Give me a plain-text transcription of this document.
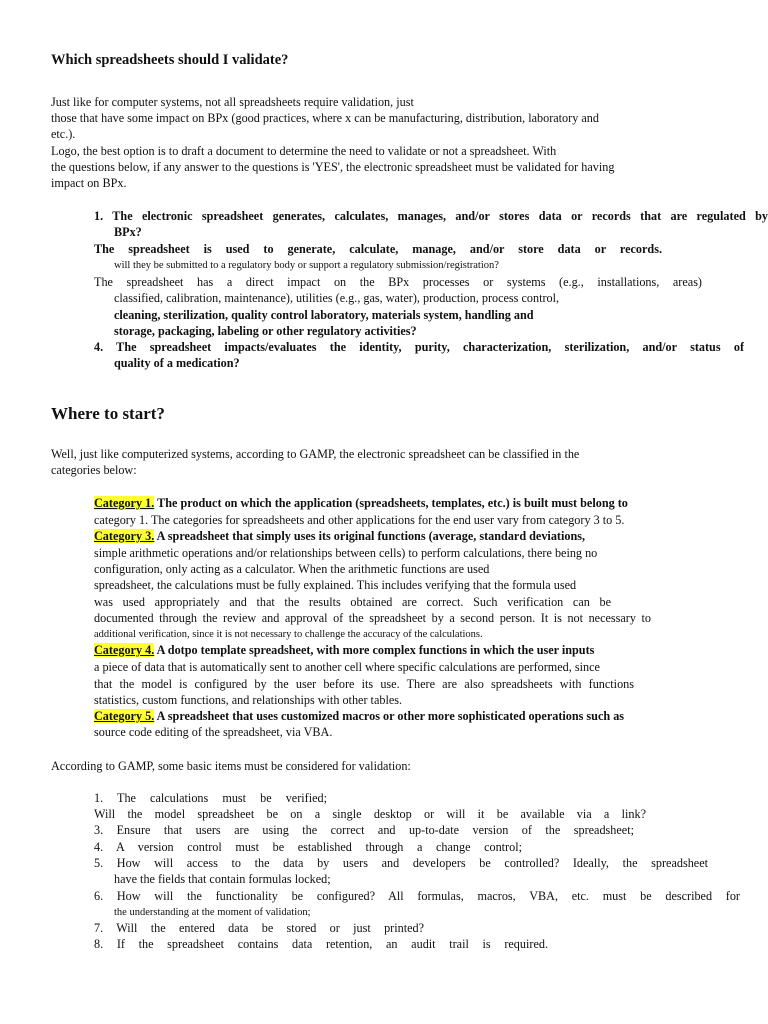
Which spreadsheets should I validate?
Just like for computer systems, not all spreadsheets require validation, just
those that have some impact on BPx (good practices, where x can be manufacturing, distribution, laboratory and
etc.).
Logo, the best option is to draft a document to determine the need to validate or not a spreadsheet. With
the questions below, if any answer to the questions is 'YES', the electronic spreadsheet must be validated for having
impact on BPx.
1. The electronic spreadsheet generates, calculates, manages, and/or stores data or records that are regulated by
BPx?
The spreadsheet is used to generate, calculate, manage, and/or store data or records.
will they be submitted to a regulatory body or support a regulatory submission/registration?
The spreadsheet has a direct impact on the BPx processes or systems (e.g., installations, areas)
classified, calibration, maintenance), utilities (e.g., gas, water), production, process control,
cleaning, sterilization, quality control laboratory, materials system, handling and
storage, packaging, labeling or other regulatory activities?
4. The spreadsheet impacts/evaluates the identity, purity, characterization, sterilization, and/or status of
quality of a medication?
Where to start?
Well, just like computerized systems, according to GAMP, the electronic spreadsheet can be classified in the
categories below:
Category 1. The product on which the application (spreadsheets, templates, etc.) is built must belong to
category 1. The categories for spreadsheets and other applications for the end user vary from category 3 to 5.
Category 3. A spreadsheet that simply uses its original functions (average, standard deviations,
simple arithmetic operations and/or relationships between cells) to perform calculations, there being no
configuration, only acting as a calculator. When the arithmetic functions are used
spreadsheet, the calculations must be fully explained. This includes verifying that the formula used
was used appropriately and that the results obtained are correct. Such verification can be
documented through the review and approval of the spreadsheet by a second person. It is not necessary to
additional verification, since it is not necessary to challenge the accuracy of the calculations.
Category 4. A dotpo template spreadsheet, with more complex functions in which the user inputs
a piece of data that is automatically sent to another cell where specific calculations are performed, since
that the model is configured by the user before its use. There are also spreadsheets with functions
statistics, custom functions, and relationships with other tables.
Category 5. A spreadsheet that uses customized macros or other more sophisticated operations such as
source code editing of the spreadsheet, via VBA.
According to GAMP, some basic items must be considered for validation:
1. The calculations must be verified;
Will the model spreadsheet be on a single desktop or will it be available via a link?
3. Ensure that users are using the correct and up-to-date version of the spreadsheet;
4. A version control must be established through a change control;
5. How will access to the data by users and developers be controlled? Ideally, the spreadsheet
have the fields that contain formulas locked;
6. How will the functionality be configured? All formulas, macros, VBA, etc. must be described for
the understanding at the moment of validation;
7. Will the entered data be stored or just printed?
8. If the spreadsheet contains data retention, an audit trail is required.
